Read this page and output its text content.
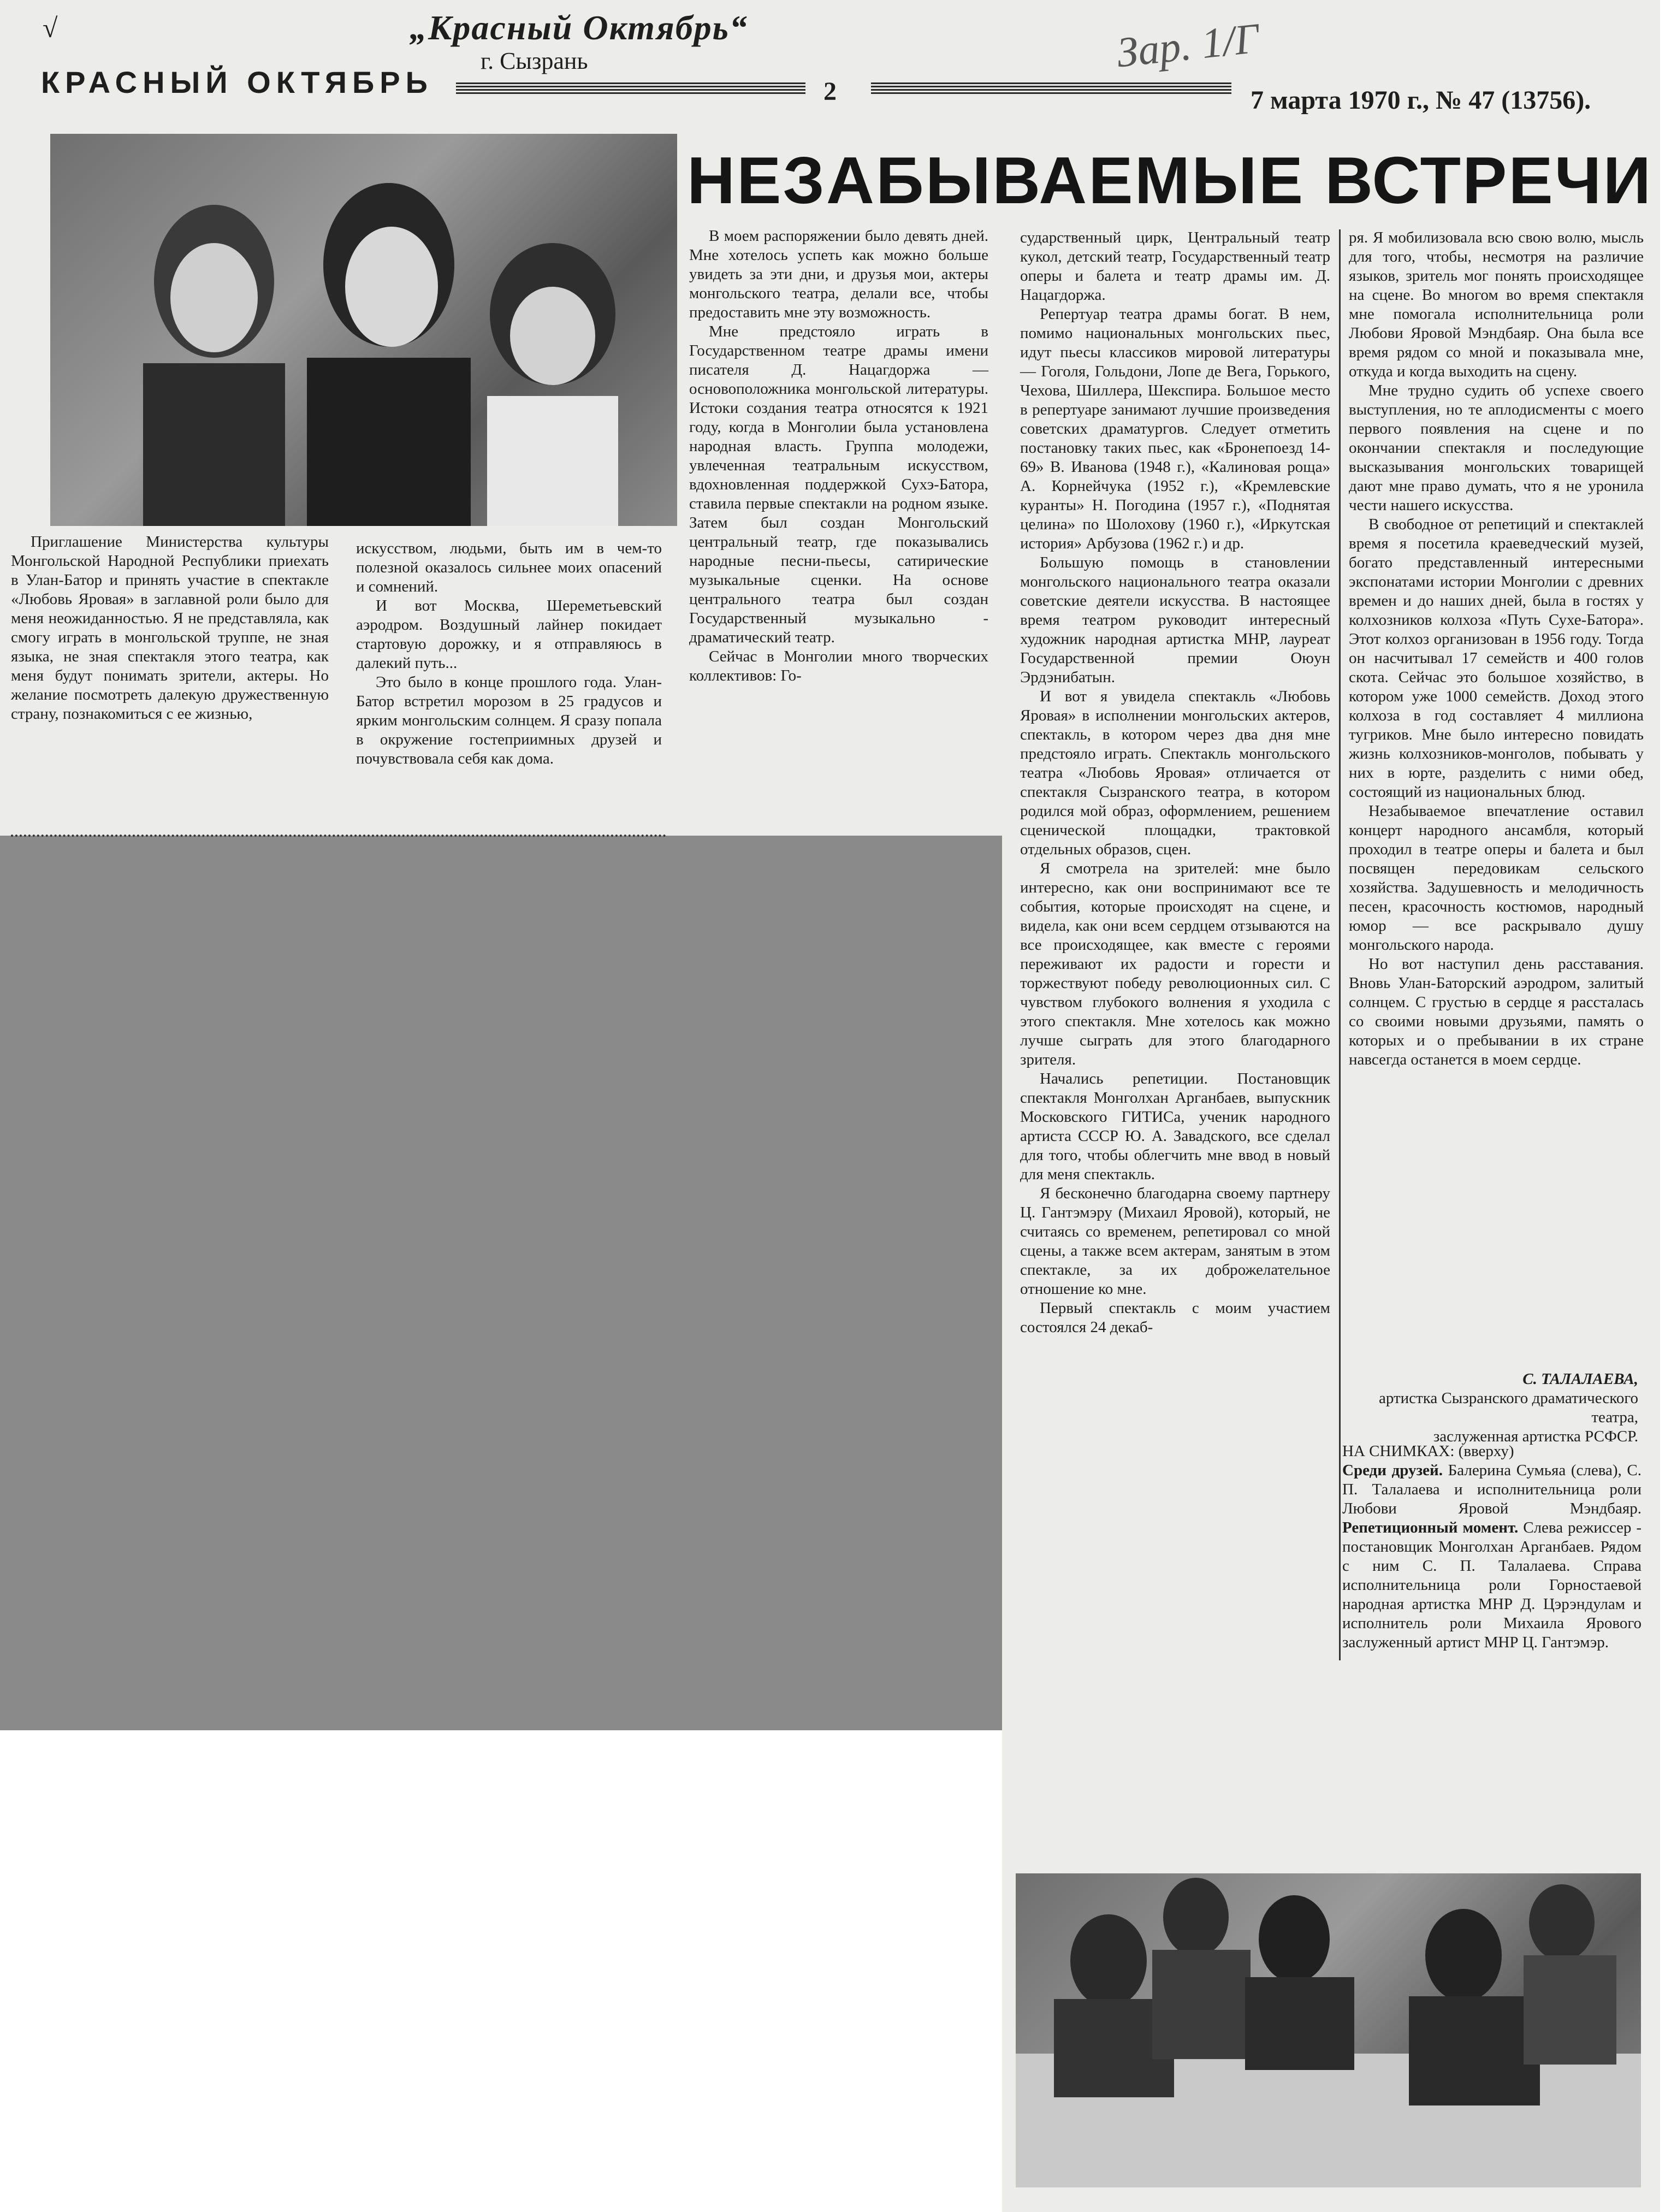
√	„Красный Октябрь“
г. Сызрань	Зар. 1/Г
КРАСНЫЙ ОКТЯБРЬ	2	7 марта 1970 г., № 47 (13756).
НЕЗАБЫВАЕМЫЕ ВСТРЕЧИ

Приглашение Министерства культуры Монгольской Народной Республики приехать в Улан-Батор и принять участие в спектакле «Любовь Яровая» в заглавной роли было для меня неожиданностью. Я не представляла, как смогу играть в монгольской труппе, не зная языка, не зная спектакля этого театра, как меня будут понимать зрители, актеры. Но желание посмотреть далекую дружественную страну, познакомиться с ее жизнью,

искусством, людьми, быть им в чем-то полезной оказалось сильнее моих опасений и сомнений.

И вот Москва, Шереметьевский аэродром. Воздушный лайнер покидает стартовую дорожку, и я отправляюсь в далекий путь...

Это было в конце прошлого года. Улан-Батор встретил морозом в 25 градусов и ярким монгольским солнцем. Я сразу попала в окружение гостеприимных друзей и почувствовала себя как дома.

В моем распоряжении было девять дней. Мне хотелось успеть как можно больше увидеть за эти дни, и друзья мои, актеры монгольского театра, делали все, чтобы предоставить мне эту возможность.

Мне предстояло играть в Государственном театре драмы имени писателя Д. Нацагдоржа — основоположника монгольской литературы. Истоки создания театра относятся к 1921 году, когда в Монголии была установлена народная власть. Группа молодежи, увлеченная театральным искусством, вдохновленная поддержкой Сухэ-Батора, ставила первые спектакли на родном языке. Затем был создан Монгольский центральный театр, где показывались народные песни-пьесы, сатирические музыкальные сценки. На основе центрального театра был создан Государственный музыкально - драматический театр.

Сейчас в Монголии много творческих коллективов: Го-

сударственный цирк, Центральный театр кукол, детский театр, Государственный театр оперы и балета и театр драмы им. Д. Нацагдоржа.

Репертуар театра драмы богат. В нем, помимо национальных монгольских пьес, идут пьесы классиков мировой литературы — Гоголя, Гольдони, Лопе де Вега, Горького, Чехова, Шиллера, Шекспира. Большое место в репертуаре занимают лучшие произведения советских драматургов. Следует отметить постановку таких пьес, как «Бронепоезд 14-69» В. Иванова (1948 г.), «Калиновая роща» А. Корнейчука (1952 г.), «Кремлевские куранты» Н. Погодина (1957 г.), «Поднятая целина» по Шолохову (1960 г.), «Иркутская история» Арбузова (1962 г.) и др.

Большую помощь в становлении монгольского национального театра оказали советские деятели искусства. В настоящее время театром руководит интересный художник народная артистка МНР, лауреат Государственной премии Оюун Эрдэнибатын.

И вот я увидела спектакль «Любовь Яровая» в исполнении монгольских актеров, спектакль, в котором через два дня мне предстояло играть. Спектакль монгольского театра «Любовь Яровая» отличается от спектакля Сызранского театра, в котором родился мой образ, оформлением, решением сценической площадки, трактовкой отдельных образов, сцен.

Я смотрела на зрителей: мне было интересно, как они воспринимают все те события, которые происходят на сцене, и видела, как они всем сердцем отзываются на все происходящее, как вместе с героями переживают их радости и горести и торжествуют победу революционных сил. С чувством глубокого волнения я уходила с этого спектакля. Мне хотелось как можно лучше сыграть для этого благодарного зрителя.

Начались репетиции. Постановщик спектакля Монголхан Арганбаев, выпускник Московского ГИТИСа, ученик народного артиста СССР Ю. А. Завадского, все сделал для того, чтобы облегчить мне ввод в новый для меня спектакль.

Я бесконечно благодарна своему партнеру Ц. Гантэмэру (Михаил Яровой), который, не считаясь со временем, репетировал со мной сцены, а также всем актерам, занятым в этом спектакле, за их доброжелательное отношение ко мне.

Первый спектакль с моим участием состоялся 24 декаб-

ря. Я мобилизовала всю свою волю, мысль для того, чтобы, несмотря на различие языков, зритель мог понять происходящее на сцене. Во многом во время спектакля мне помогала исполнительница роли Любови Яровой Мэндбаяр. Она была все время рядом со мной и показывала мне, откуда и когда выходить на сцену.

Мне трудно судить об успехе своего выступления, но те аплодисменты с моего первого появления на сцене и по окончании спектакля и последующие высказывания монгольских товарищей дают мне право думать, что я не уронила чести нашего искусства.

В свободное от репетиций и спектаклей время я посетила краеведческий музей, богато представленный интересными экспонатами истории Монголии с древних времен и до наших дней, была в гостях у колхозников колхоза «Путь Сухе-Батора». Этот колхоз организован в 1956 году. Тогда он насчитывал 17 семейств и 400 голов скота. Сейчас это большое хозяйство, в котором уже 1000 семейств. Доход этого колхоза в год составляет 4 миллиона тугриков. Мне было интересно повидать жизнь колхозников-монголов, побывать у них в юрте, разделить с ними обед, состоящий из национальных блюд.

Незабываемое впечатление оставил концерт народного ансамбля, который проходил в театре оперы и балета и был посвящен передовикам сельского хозяйства. Задушевность и мелодичность песен, красочность костюмов, народный юмор — все раскрывало душу монгольского народа.

Но вот наступил день расставания. Вновь Улан-Баторский аэродром, залитый солнцем. С грустью в сердце я рассталась со своими новыми друзьями, память о которых и о пребывании в их стране навсегда останется в моем сердце.

С. ТАЛАЛАЕВА,
артистка Сызранского драматического театра,
заслуженная артистка РСФСР.
НА СНИМКАХ: (вверху)
Среди друзей. Балерина Сумьяа (слева), С. П. Талалаева и исполнительница роли Любови Яровой Мэндбаяр. Репетиционный момент. Слева режиссер - постановщик Монголхан Арганбаев. Рядом с ним С. П. Талалаева. Справа исполнительница роли Горностаевой народная артистка МНР Д. Цэрэндулам и исполнитель роли Михаила Ярового заслуженный артист МНР Ц. Гантэмэр.
